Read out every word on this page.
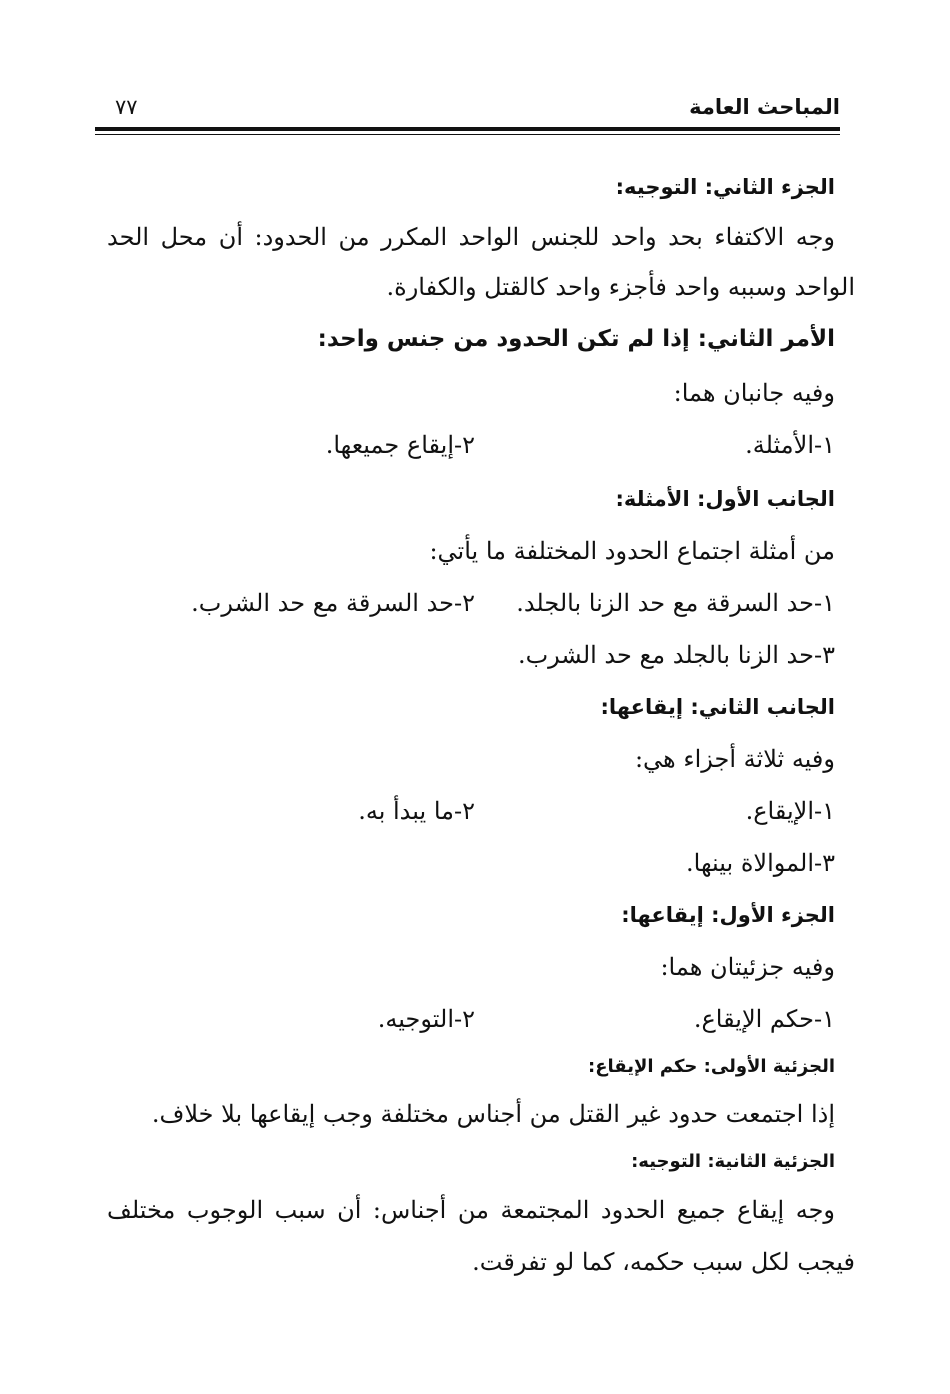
المباحث العامة
٧٧
الجزء الثاني: التوجيه:
وجه الاكتفاء بحد واحد للجنس الواحد المكرر من الحدود: أن محل الحد
الواحد وسببه واحد فأجزء واحد كالقتل والكفارة.
الأمر الثاني: إذا لم تكن الحدود من جنس واحد:
وفيه جانبان هما:
١-الأمثلة.
٢-إيقاع جميعها.
الجانب الأول: الأمثلة:
من أمثلة اجتماع الحدود المختلفة ما يأتي:
١-حد السرقة مع حد الزنا بالجلد.
٢-حد السرقة مع حد الشرب.
٣-حد الزنا بالجلد مع حد الشرب.
الجانب الثاني: إيقاعها:
وفيه ثلاثة أجزاء هي:
١-الإيقاع.
٢-ما يبدأ به.
٣-الموالاة بينها.
الجزء الأول: إيقاعها:
وفيه جزئيتان هما:
١-حكم الإيقاع.
٢-التوجيه.
الجزئية الأولى: حكم الإيقاع:
إذا اجتمعت حدود غير القتل من أجناس مختلفة وجب إيقاعها بلا خلاف.
الجزئية الثانية: التوجيه:
وجه إيقاع جميع الحدود المجتمعة من أجناس: أن سبب الوجوب مختلف
فيجب لكل سبب حكمه، كما لو تفرقت.
